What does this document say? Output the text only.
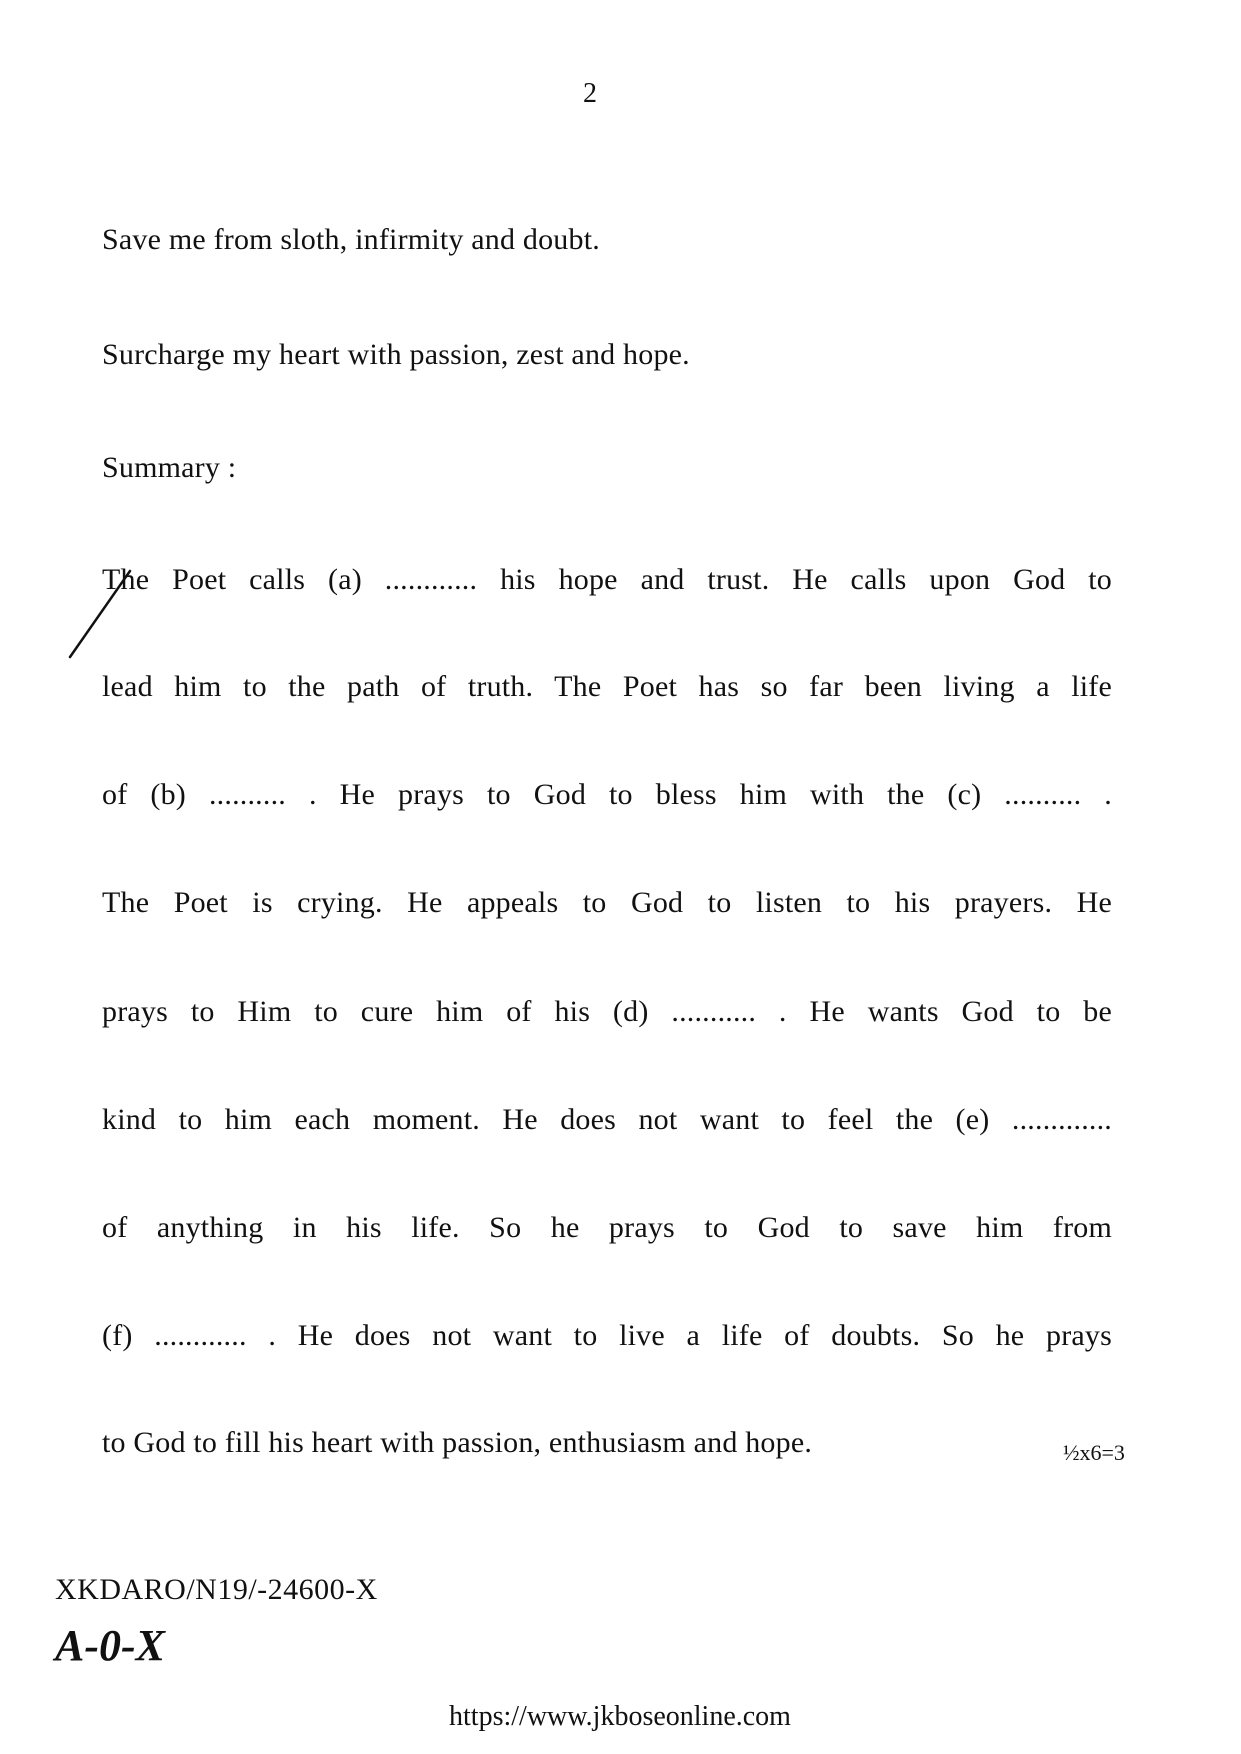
2
Save me from sloth, infirmity and doubt.
Surcharge my heart with passion, zest and hope.
Summary :
The Poet calls (a) ............ his hope and trust. He calls upon God to
lead him to the path of truth. The Poet has so far been living a life
of (b) .......... . He prays to God to bless him with the (c) .......... .
The Poet is crying. He appeals to God to listen to his prayers. He
prays to Him to cure him of his (d) ........... . He wants God to be
kind to him each moment. He does not want to feel the (e) .............
of anything in his life. So he prays to God to save him from
(f) ............ . He does not want to live a life of doubts. So he prays
to God to fill his heart with passion, enthusiasm and hope.	½x6=3
XKDARO/N19/-24600-X
A-0-X
https://www.jkboseonline.com
